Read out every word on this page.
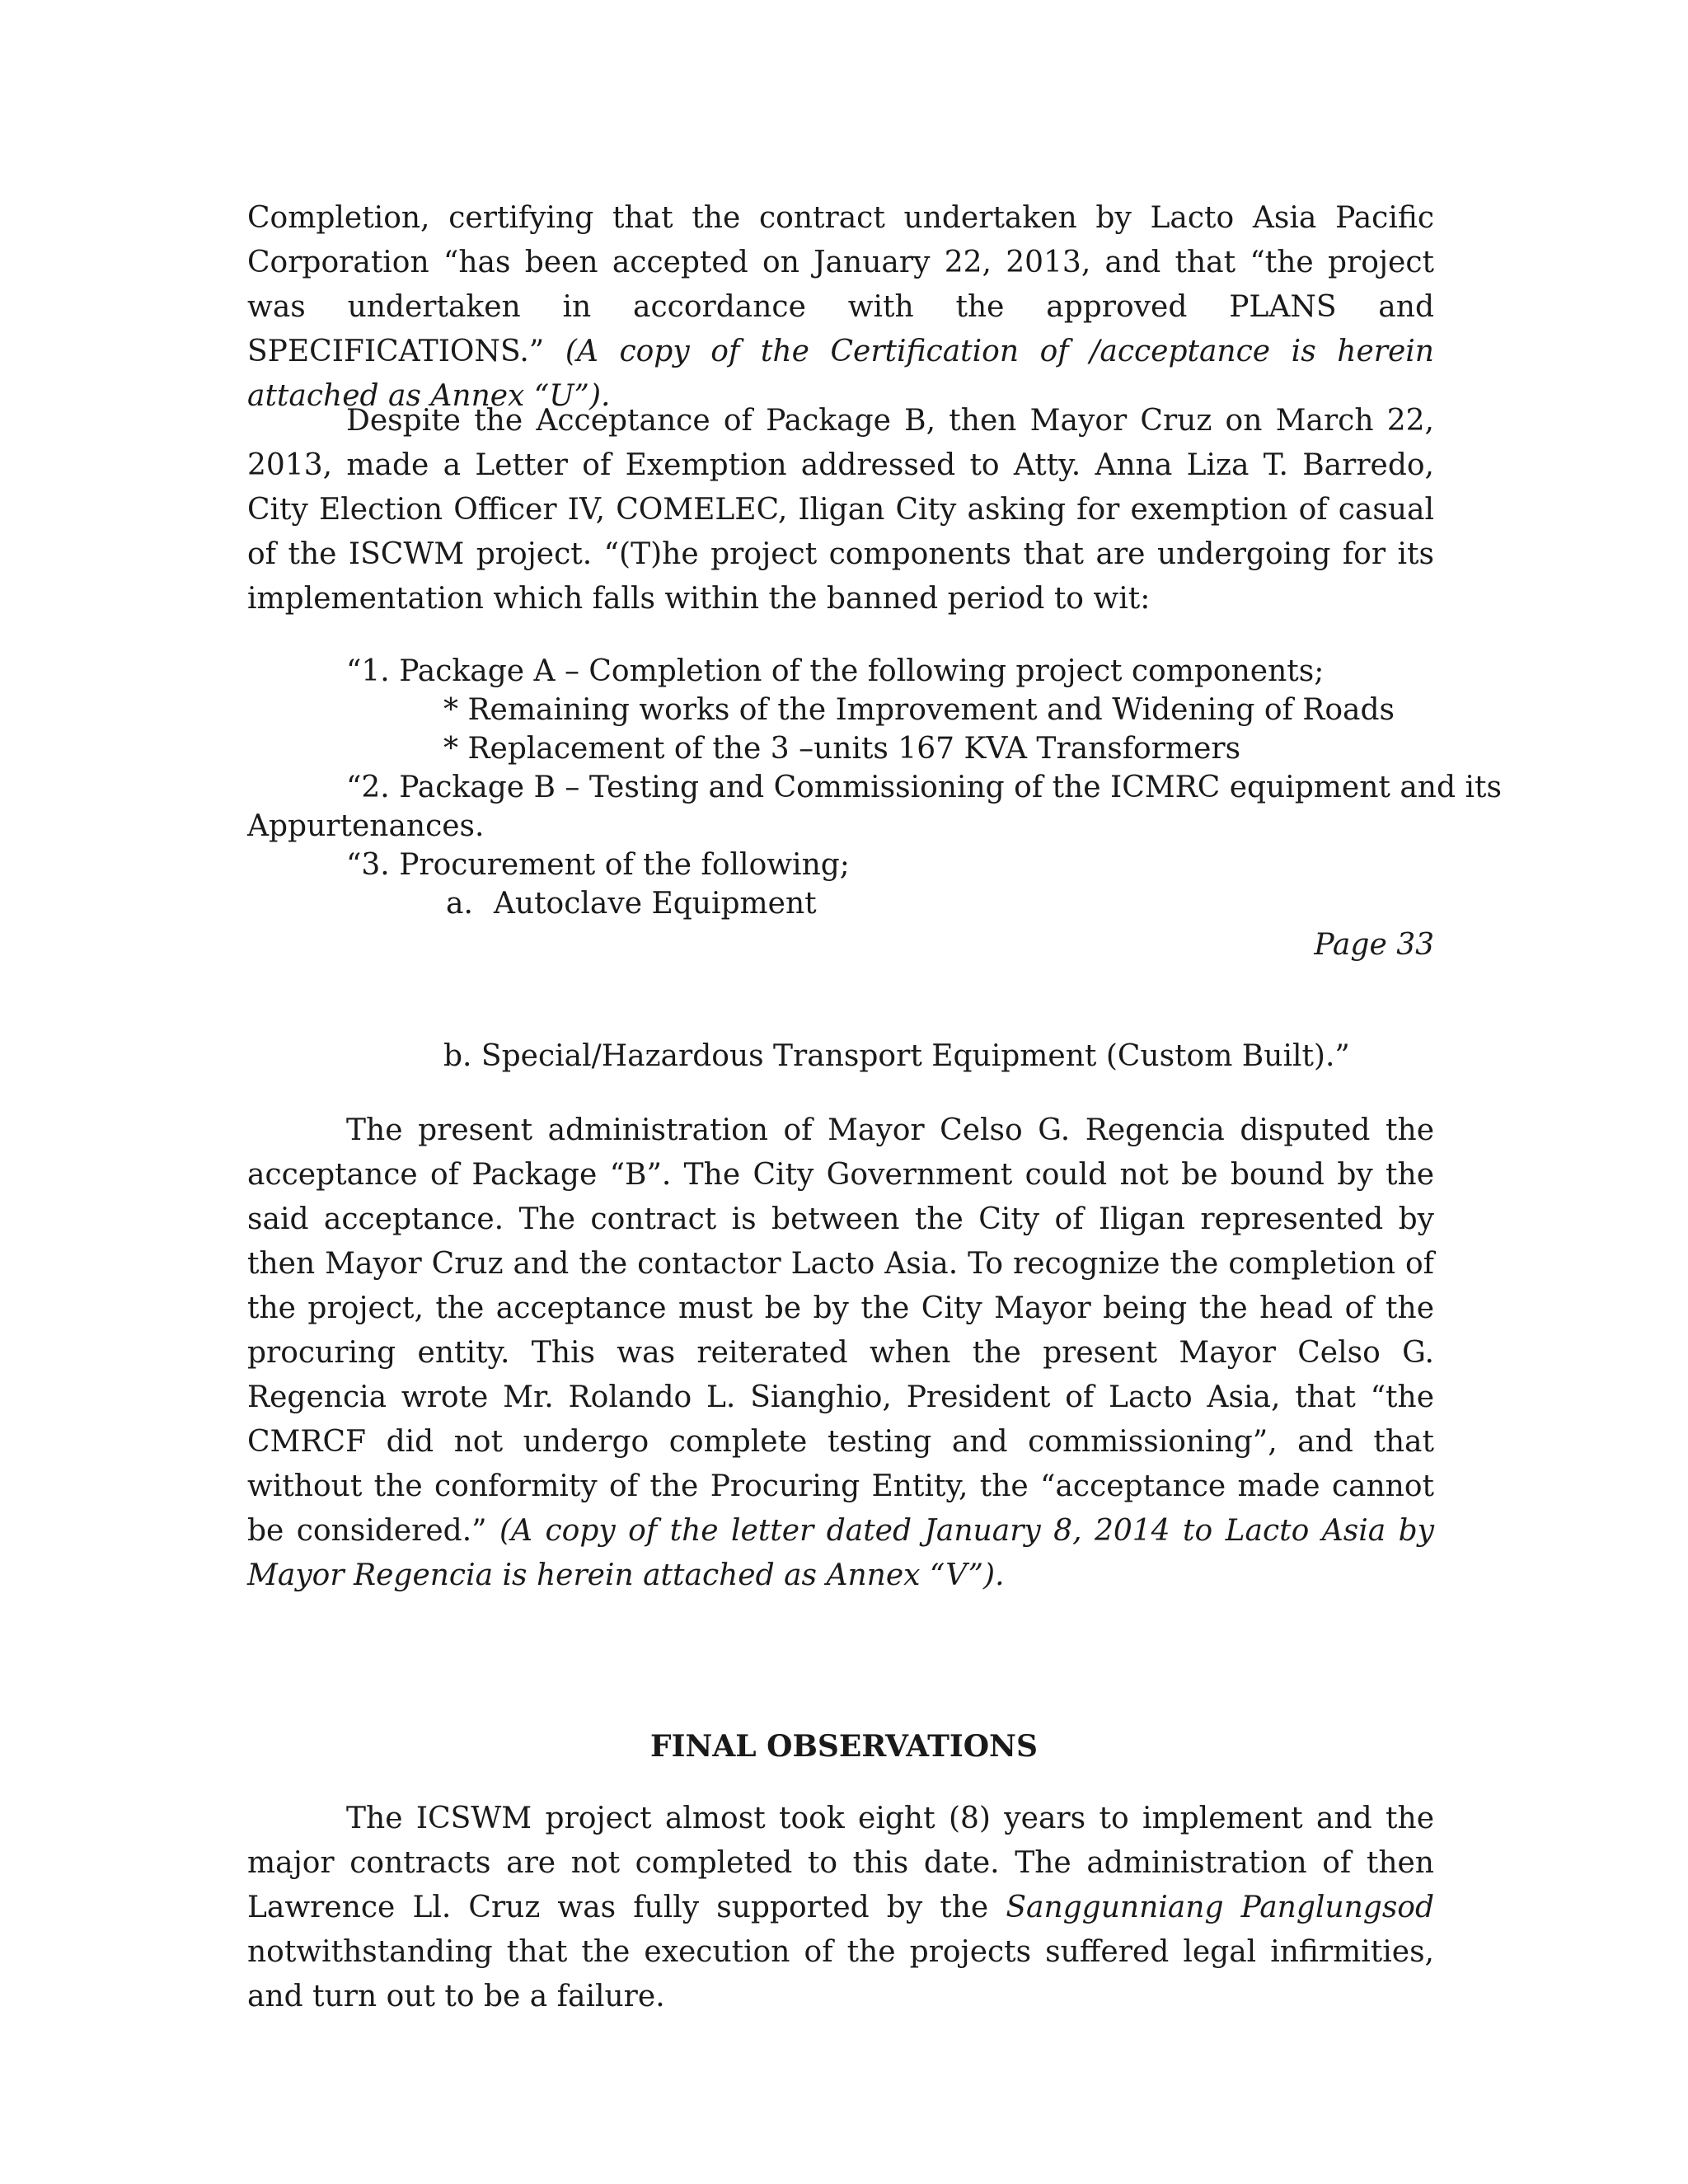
Completion, certifying that the contract undertaken by Lacto Asia Pacific Corporation “has been accepted on January 22, 2013, and that “the project was undertaken in accordance with the approved PLANS and SPECIFICATIONS.” (A copy of the Certification of /acceptance is herein attached as Annex “U”).

Despite the Acceptance of Package B, then Mayor Cruz on March 22, 2013, made a Letter of Exemption addressed to Atty. Anna Liza T. Barredo, City Election Officer IV, COMELEC, Iligan City asking for exemption of casual of the ISCWM project. “(T)he project components that are undergoing for its implementation which falls within the banned period to wit:

“1. Package A – Completion of the following project components;
* Remaining works of the Improvement and Widening of Roads
* Replacement of the 3 –units 167 KVA Transformers
“2. Package B – Testing and Commissioning of the ICMRC equipment and its
Appurtenances.
“3. Procurement of the following;
a. Autoclave Equipment
Page 33
b. Special/Hazardous Transport Equipment (Custom Built).”

The present administration of Mayor Celso G. Regencia disputed the acceptance of Package “B”. The City Government could not be bound by the said acceptance. The contract is between the City of Iligan represented by then Mayor Cruz and the contactor Lacto Asia. To recognize the completion of the project, the acceptance must be by the City Mayor being the head of the procuring entity. This was reiterated when the present Mayor Celso G. Regencia wrote Mr. Rolando L. Sianghio, President of Lacto Asia, that “the CMRCF did not undergo complete testing and commissioning”, and that without the conformity of the Procuring Entity, the “acceptance made cannot be considered.” (A copy of the letter dated January 8, 2014 to Lacto Asia by Mayor Regencia is herein attached as Annex “V”).

FINAL OBSERVATIONS

The ICSWM project almost took eight (8) years to implement and the major contracts are not completed to this date. The administration of then Lawrence Ll. Cruz was fully supported by the Sanggunniang Panglungsod notwithstanding that the execution of the projects suffered legal infirmities, and turn out to be a failure.
